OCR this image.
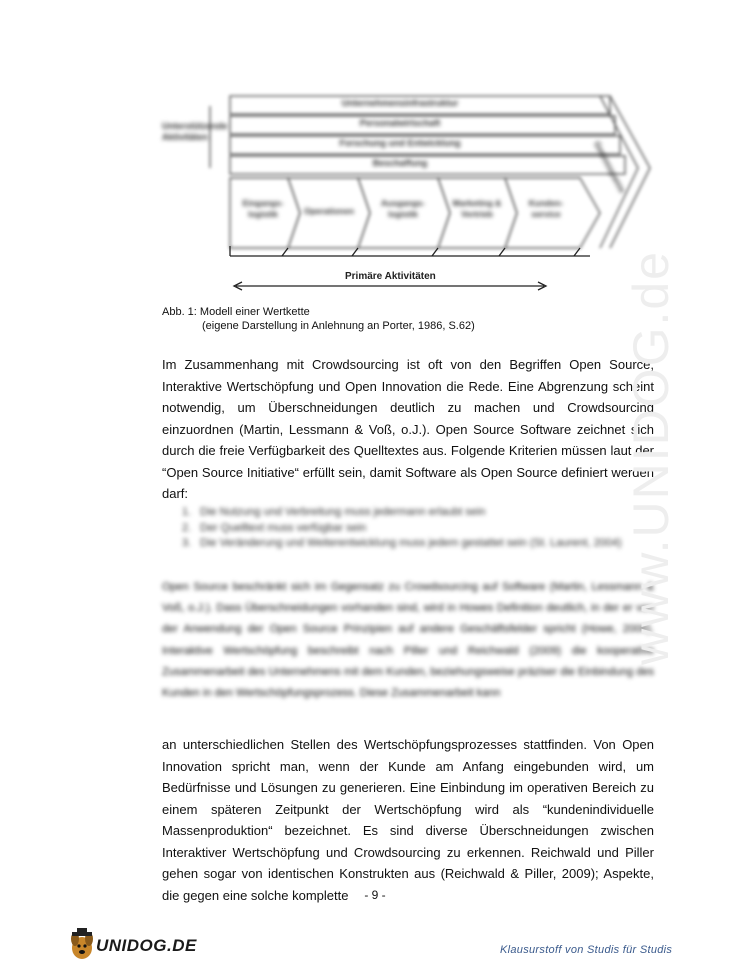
Unterstützende Aktivitäten
Unternehmensinfrastruktur
Personalwirtschaft
Forschung und Entwicklung
Beschaffung
Eingangs-logistik	Operationen
Ausgangs-logistik
Marketing & Vertrieb
Kunden-service
Gewinnspanne
Primäre Aktivitäten
Abb. 1: Modell einer Wertkette
(eigene Darstellung in Anlehnung an Porter, 1986, S.62)
Im Zusammenhang mit Crowdsourcing ist oft von den Begriffen Open Source, Interaktive Wertschöpfung und Open Innovation die Rede. Eine Abgrenzung scheint notwendig, um Überschneidungen deutlich zu machen und Crowdsourcing einzuordnen (Martin, Lessmann & Voß, o.J.). Open Source Software zeichnet sich durch die freie Verfügbarkeit des Quelltextes aus. Folgende Kriterien müssen laut der “Open Source Initiative“ erfüllt sein, damit Software als Open Source definiert werden darf:
1. Die Nutzung und Verbreitung muss jedermann erlaubt sein
2. Der Quelltext muss verfügbar sein
3. Die Veränderung und Weiterentwicklung muss jedem gestattet sein (St. Laurent, 2004)
Open Source beschränkt sich im Gegensatz zu Crowdsourcing auf Software (Martin, Lessmann & Voß, o.J.). Dass Überschneidungen vorhanden sind, wird in Howes Definition deutlich, in der er von der Anwendung der Open Source Prinzipien auf andere Geschäftsfelder spricht (Howe, 2006). Interaktive Wertschöpfung beschreibt nach Piller und Reichwald (2009) die kooperative Zusammenarbeit des Unternehmens mit dem Kunden, beziehungsweise präziser die Einbindung des Kunden in den Wertschöpfungsprozess. Diese Zusammenarbeit kann
an unterschiedlichen Stellen des Wertschöpfungsprozesses stattfinden. Von Open Innovation spricht man, wenn der Kunde am Anfang eingebunden wird, um Bedürfnisse und Lösungen zu generieren. Eine Einbindung im operativen Bereich zu einem späteren Zeitpunkt der Wertschöpfung wird als “kundenindividuelle Massenproduktion“ bezeichnet. Es sind diverse Überschneidungen zwischen Interaktiver Wertschöpfung und Crowdsourcing zu erkennen. Reichwald und Piller gehen sogar von identischen Konstrukten aus (Reichwald & Piller, 2009); Aspekte, die gegen eine solche komplette
www.UNIDOG.de
- 9 -
UNIDOG.DE	Klausurstoff von Studis für Studis
